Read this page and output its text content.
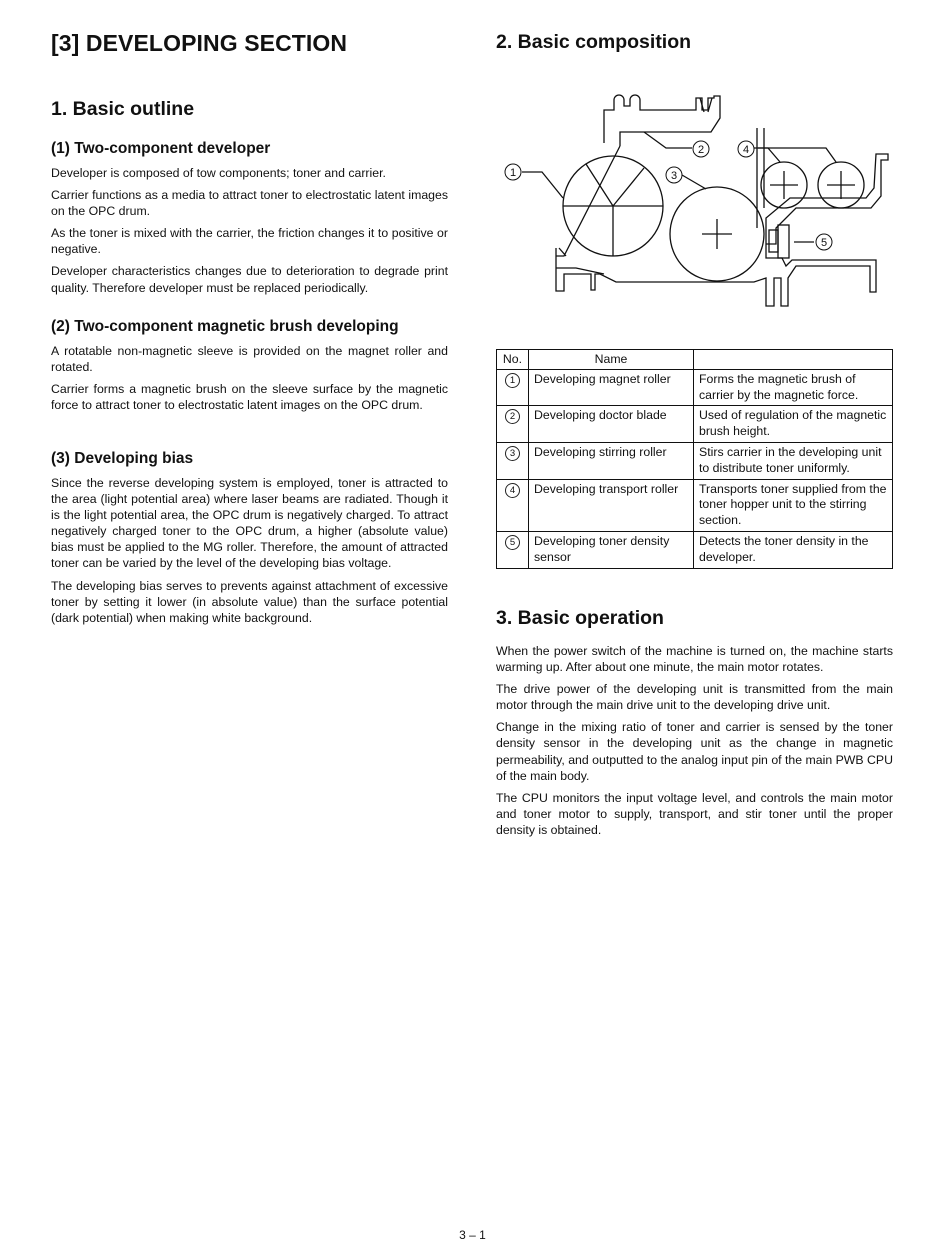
[3] DEVELOPING SECTION
1. Basic outline
(1) Two-component developer

Developer is composed of tow components; toner and carrier.

Carrier functions as a media to attract toner to electrostatic latent images on the OPC drum.

As the toner is mixed with the carrier, the friction changes it to positive or negative.

Developer characteristics changes due to deterioration to degrade print quality. Therefore developer must be replaced periodically.

(2) Two-component magnetic brush developing

A rotatable non-magnetic sleeve is provided on the magnet roller and rotated.

Carrier forms a magnetic brush on the sleeve surface by the magnetic force to attract toner to electrostatic latent images on the OPC drum.

(3) Developing bias

Since the reverse developing system is employed, toner is attracted to the area (light potential area) where laser beams are radiated. Though it is the light potential area, the OPC drum is negatively charged. To attract negatively charged toner to the OPC drum, a higher (absolute value) bias must be applied to the MG roller. Therefore, the amount of attracted toner can be varied by the level of the developing bias voltage.

The developing bias serves to prevents against attachment of excessive toner by setting it lower (in absolute value) than the surface potential (dark potential) when making white background.

2. Basic composition
1
2
3
4
5
No.	Name	
1	Developing magnet roller	Forms the magnetic brush of carrier by the magnetic force.
2	Developing doctor blade	Used of regulation of the magnetic brush height.
3	Developing stirring roller	Stirs carrier in the developing unit to distribute toner uniformly.
4	Developing transport roller	Transports toner supplied from the toner hopper unit to the stirring section.
5	Developing toner density sensor	Detects the toner density in the developer.
3. Basic operation

When the power switch of the machine is turned on, the machine starts warming up. After about one minute, the main motor rotates.

The drive power of the developing unit is transmitted from the main motor through the main drive unit to the developing drive unit.

Change in the mixing ratio of toner and carrier is sensed by the toner density sensor in the developing unit as the change in magnetic permeability, and outputted to the analog input pin of the main PWB CPU of the main body.

The CPU monitors the input voltage level, and controls the main motor and toner motor to supply, transport, and stir toner until the proper density is obtained.

3 – 1
